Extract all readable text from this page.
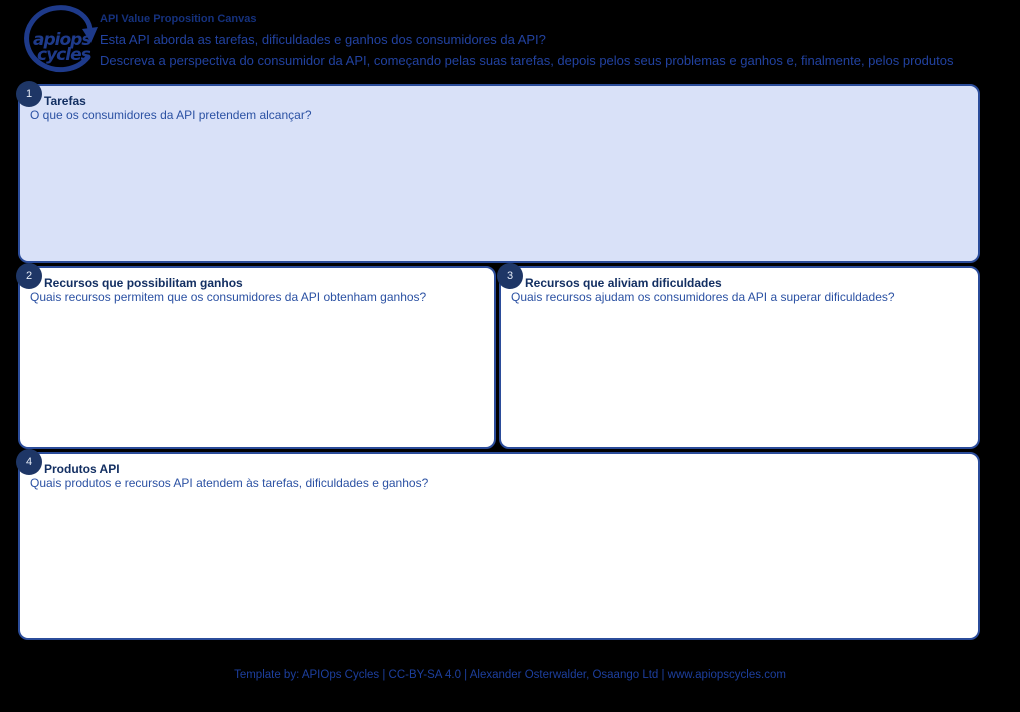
apiops
cycles
API Value Proposition Canvas
Esta API aborda as tarefas, dificuldades e ganhos dos consumidores da API?
Descreva a perspectiva do consumidor da API, começando pelas suas tarefas, depois pelos seus problemas e ganhos e, finalmente, pelos produtos
1 Tarefas
O que os consumidores da API pretendem alcançar?
2 Recursos que possibilitam ganhos
Quais recursos permitem que os consumidores da API obtenham ganhos?
3 Recursos que aliviam dificuldades
Quais recursos ajudam os consumidores da API a superar dificuldades?
4 Produtos API
Quais produtos e recursos API atendem às tarefas, dificuldades e ganhos?
Template by: APIOps Cycles | CC-BY-SA 4.0 | Alexander Osterwalder, Osaango Ltd | www.apiopscycles.com
